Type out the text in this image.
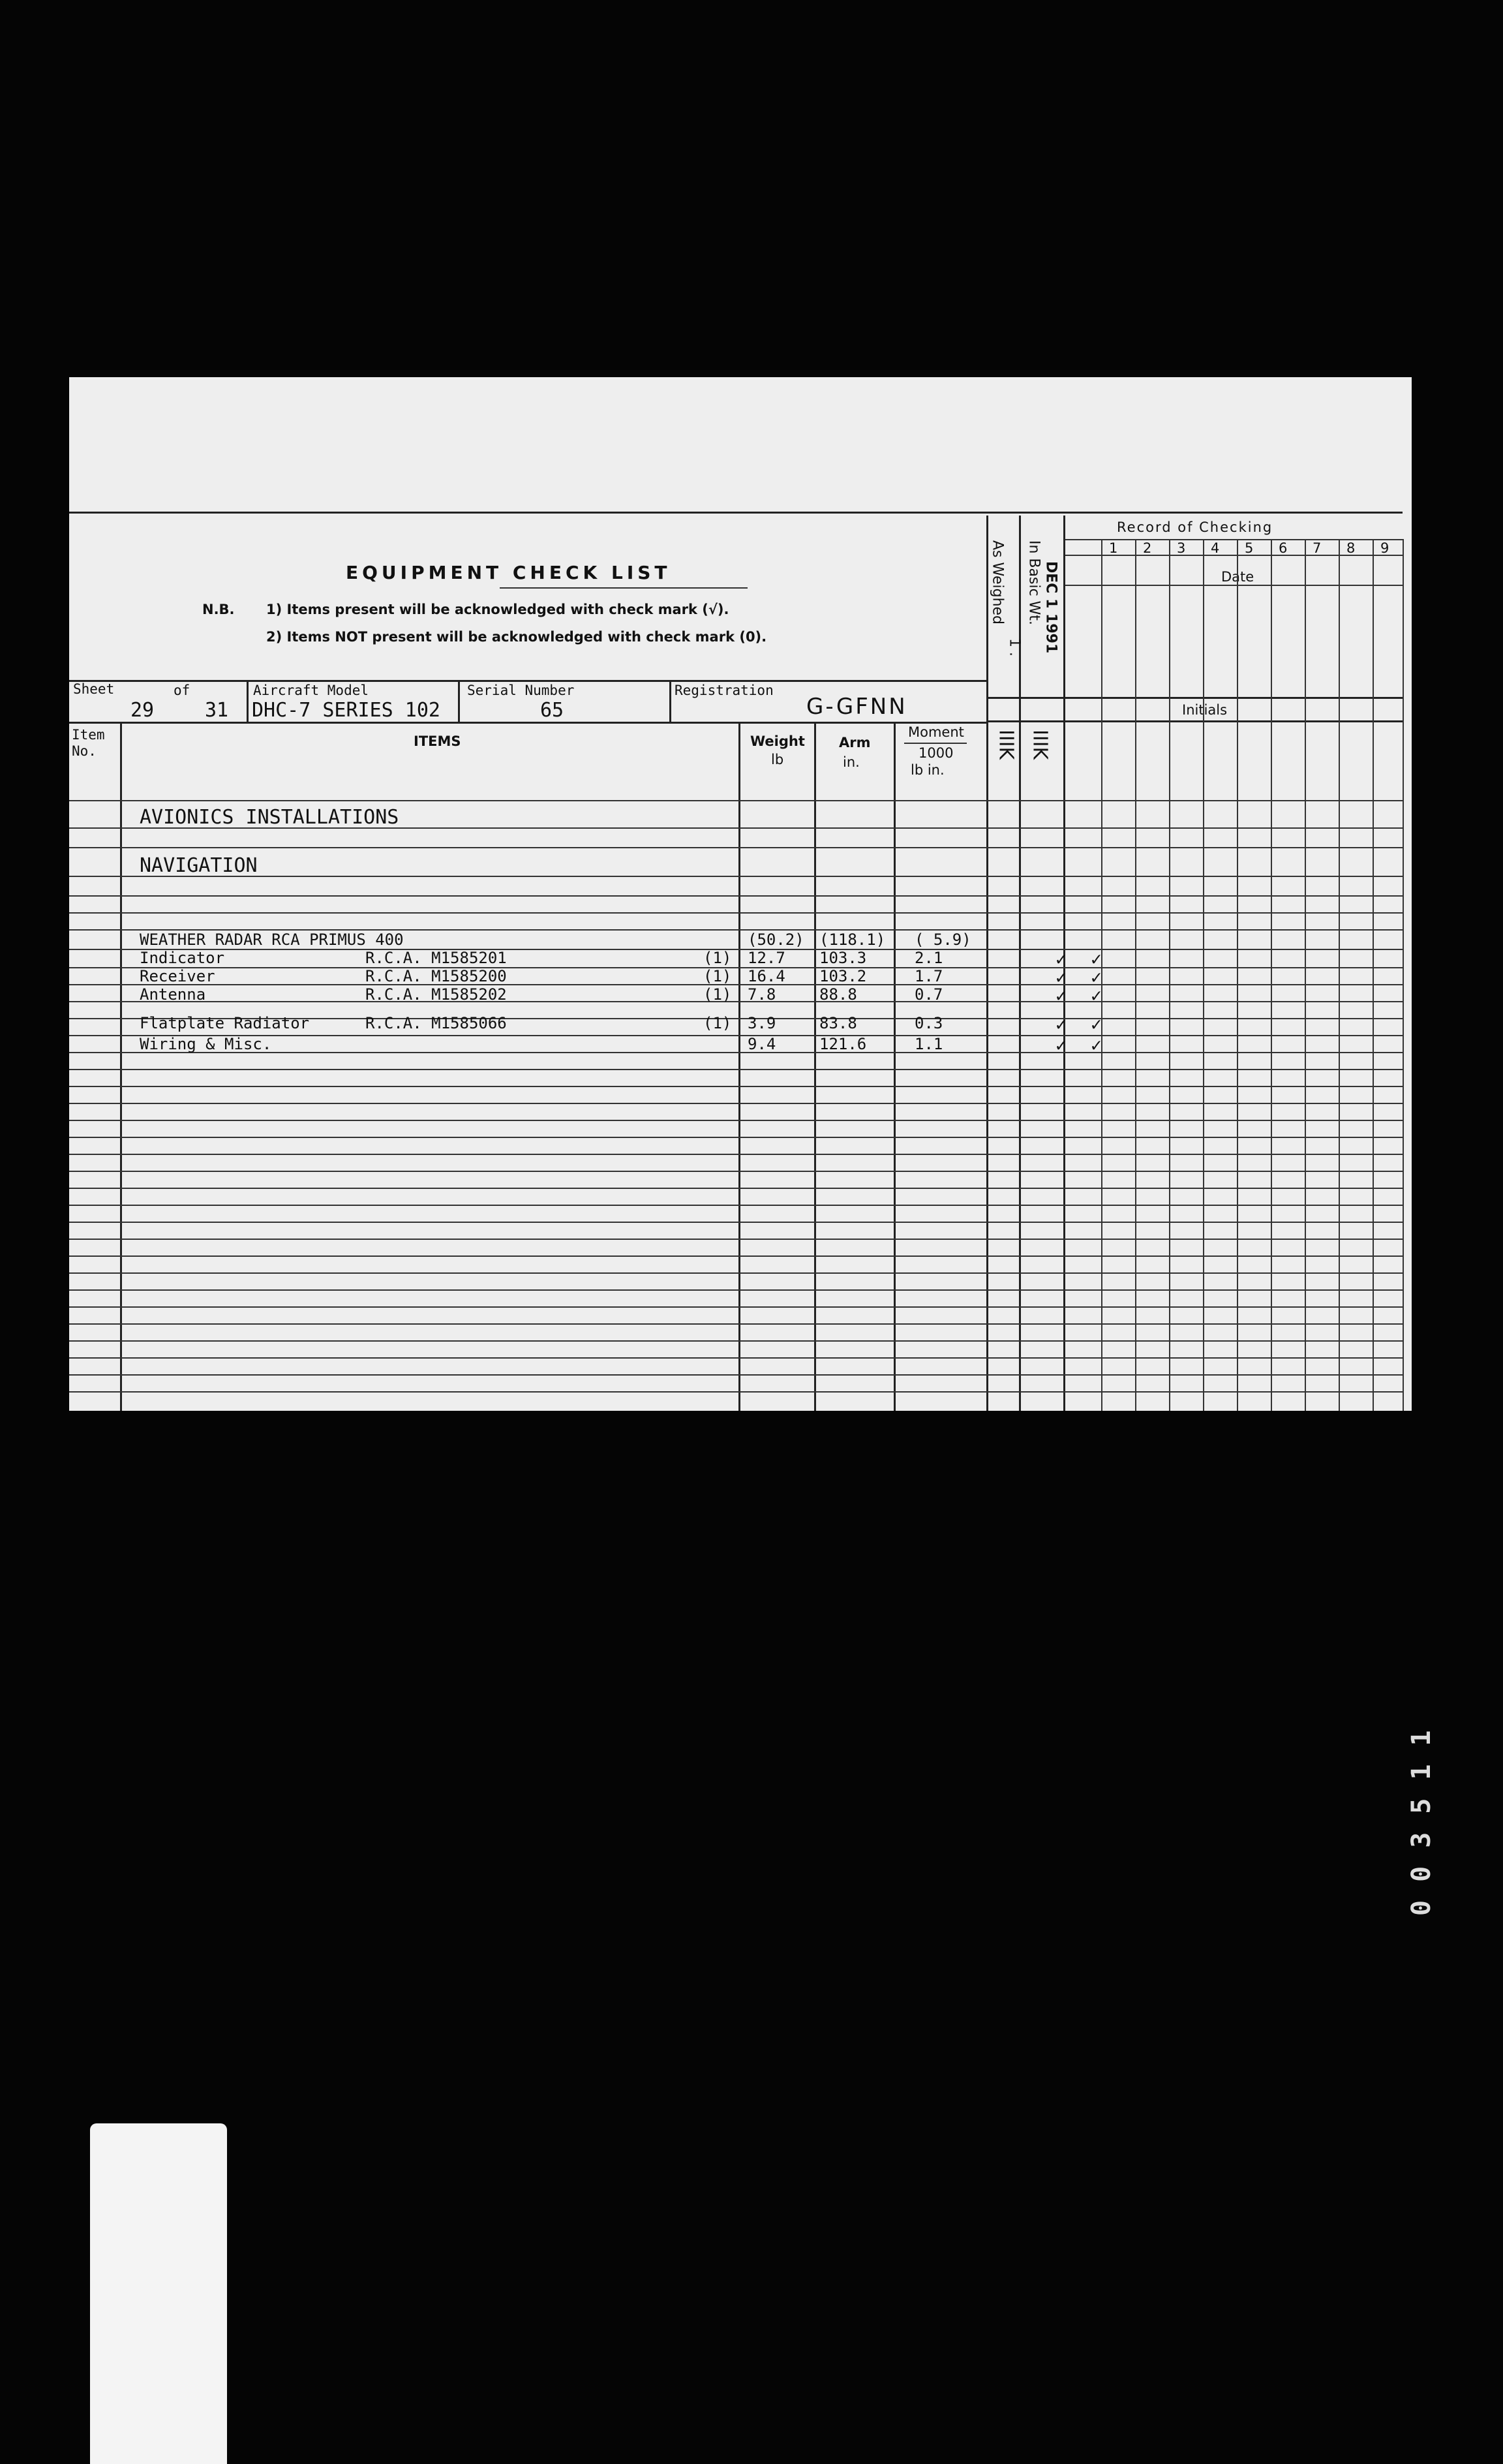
EQUIPMENT CHECK LIST
N.B. 1) Items present will be acknowledged with check mark (√).
2) Items NOT present will be acknowledged with check mark (0).
Record of Checking
Date
Initials
1 2 3 4 5 6 7 8 9
As Weighed
1 .
In Basic Wt. DEC 1 1991
IIIK IIIK
Sheet	of
29	31
Aircraft Model
DHC-7 SERIES 102
Serial Number
65
Registration
G-GFNN
Item No.
ITEMS	Weight
lb
Arm
in.
Moment
1000
lb in.
AVIONICS INSTALLATIONS
NAVIGATION
WEATHER RADAR RCA PRIMUS 400	(50.2) (118.1) ( 5.9)
Indicator	R.C.A. M1585201	(1) 12.7 103.3	2.1	✓ ✓
Receiver	R.C.A. M1585200	(1) 16.4 103.2	1.7	✓ ✓
Antenna	R.C.A. M1585202	(1) 7.8	88.8	0.7	✓ ✓
Flatplate Radiator	R.C.A. M1585066	(1) 3.9	83.8	0.3	✓ ✓
Wiring & Misc.	9.4	121.6	1.1	✓ ✓
003511
